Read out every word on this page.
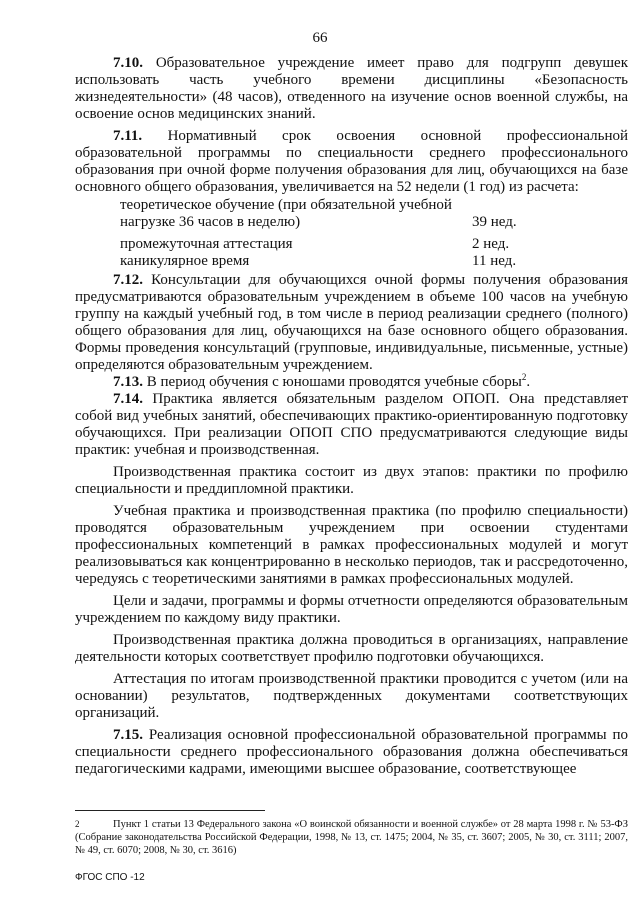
66

7.10. Образовательное учреждение имеет право для подгрупп девушек использовать часть учебного времени дисциплины «Безопасность жизнедеятельности» (48 часов), отведенного на изучение основ военной службы, на освоение основ медицинских знаний.

7.11. Нормативный срок освоения основной профессиональной образовательной программы по специальности среднего профессионального образования при очной форме получения образования для лиц, обучающихся на базе основного общего образования, увеличивается на 52 недели (1 год) из расчета:

теоретическое обучение (при обязательной учебной нагрузке 36 часов в неделю)	39 нед.
промежуточная аттестация	2 нед.
каникулярное время	11 нед.

7.12. Консультации для обучающихся очной формы получения образования предусматриваются образовательным учреждением в объеме 100 часов на учебную группу на каждый учебный год, в том числе в период реализации среднего (полного) общего образования для лиц, обучающихся на базе основного общего образования. Формы проведения консультаций (групповые, индивидуальные, письменные, устные) определяются образовательным учреждением.

7.13. В период обучения с юношами проводятся учебные сборы$^2$.

7.14. Практика является обязательным разделом ОПОП. Она представляет собой вид учебных занятий, обеспечивающих практико-ориентированную подготовку обучающихся. При реализации ОПОП СПО предусматриваются следующие виды практик: учебная и производственная.

Производственная практика состоит из двух этапов: практики по профилю специальности и преддипломной практики.

Учебная практика и производственная практика (по профилю специальности) проводятся образовательным учреждением при освоении студентами профессиональных компетенций в рамках профессиональных модулей и могут реализовываться как концентрированно в несколько периодов, так и рассредоточенно, чередуясь с теоретическими занятиями в рамках профессиональных модулей.

Цели и задачи, программы и формы отчетности определяются образовательным учреждением по каждому виду практики.

Производственная практика должна проводиться в организациях, направление деятельности которых соответствует профилю подготовки обучающихся.

Аттестация по итогам производственной практики проводится с учетом (или на основании) результатов, подтвержденных документами соответствующих организаций.

7.15. Реализация основной профессиональной образовательной программы по специальности среднего профессионального образования должна обеспечиваться педагогическими кадрами, имеющими высшее образование, соответствующее

2	Пункт 1 статьи 13 Федерального закона «О воинской обязанности и военной службе» от 28 марта 1998 г. № 53-ФЗ (Собрание законодательства Российской Федерации, 1998, № 13, ст. 1475; 2004, № 35, ст. 3607; 2005, № 30, ст. 3111; 2007, № 49, ст. 6070; 2008, № 30, ст. 3616)
ФГОС СПО -12
